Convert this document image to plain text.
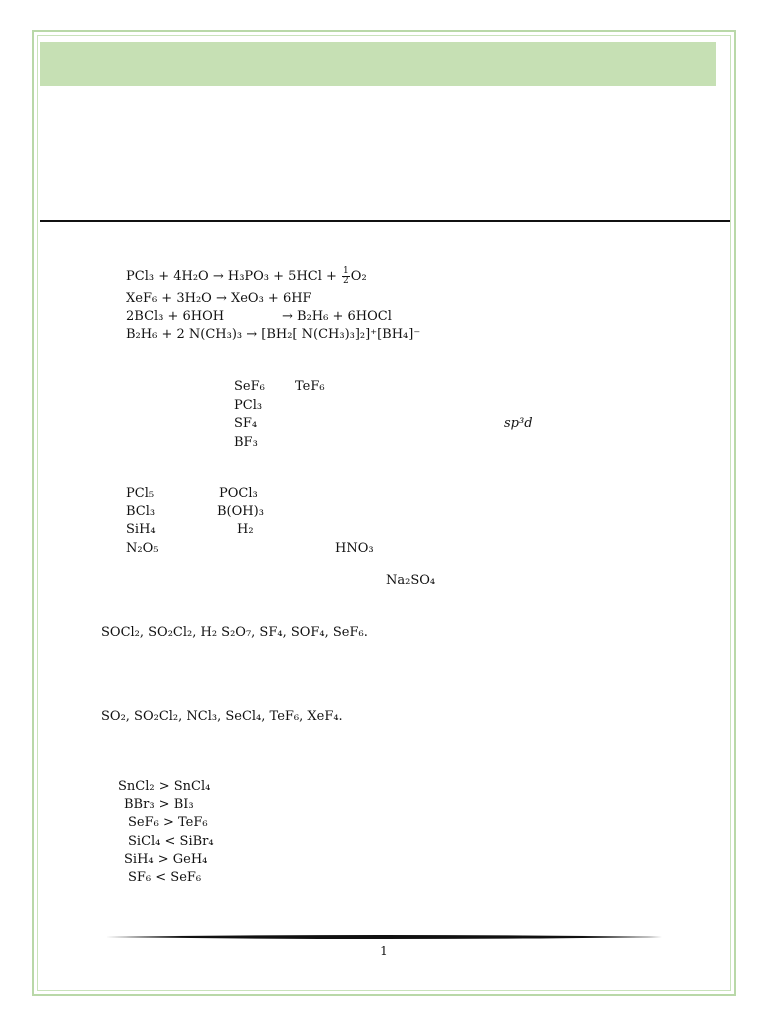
$PCl_3 + 4H_2O \to H_3PO_3 + 5HCl + \frac{1}{2} O_2$
XeF₆ + 3H₂O → XeO₃ + 6HF
2BCl₃ + 6HOH	→ B₂H₆ + 6HOCl
B₂H₆ + 2 N(CH₃)₃ → [BH₂[ N(CH₃)₃]₂]⁺[BH₄]⁻
SeF₆ TeF₆
PCl₃
SF₄	sp³d
BF₃
PCl₅	POCl₃
BCl₃	B(OH)₃
SiH₄	H₂
N₂O₅	HNO₃
Na₂SO₄
SOCl₂, SO₂Cl₂, H₂ S₂O₇, SF₄, SOF₄, SeF₆.
SO₂, SO₂Cl₂, NCl₃, SeCl₄, TeF₆, XeF₄.
SnCl₂ > SnCl₄
BBr₃ > BI₃
SeF₆ > TeF₆
SiCl₄ < SiBr₄
SiH₄ > GeH₄
SF₆ < SeF₆
1
